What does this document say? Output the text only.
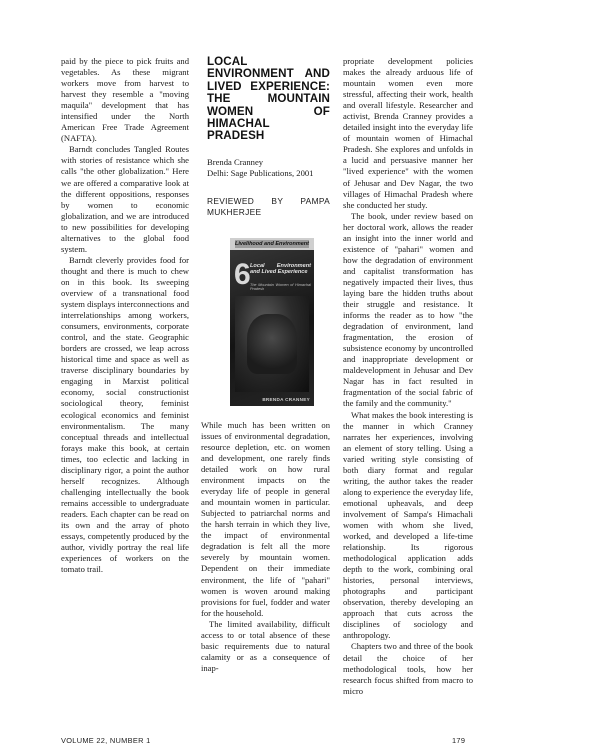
paid by the piece to pick fruits and vegetables. As these migrant workers move from harvest to harvest they resemble a "moving maquila" development that has intensified under the North American Free Trade Agreement (NAFTA).

Barndt concludes Tangled Routes with stories of resistance which she calls "the other globalization." Here we are offered a comparative look at the different oppositions, responses by women to economic globalization, and we are introduced to new possibilities for developing alternatives to the global food system.

Barndt cleverly provides food for thought and there is much to chew on in this book. Its sweeping overview of a transnational food system displays interconnections and interrelationships among workers, consumers, environments, corporate control, and the state. Geographic borders are crossed, we leap across historical time and space as well as traverse disciplinary boundaries by engaging in Marxist political economy, social constructionist sociological theory, feminist ecological economics and feminist environmentalism. The many conceptual threads and intellectual forays make this book, at certain times, too eclectic and lacking in disciplinary rigor, a point the author herself recognizes. Although challenging intellectually the book remains accessible to undergraduate readers. Each chapter can be read on its own and the array of photo essays, competently produced by the author, vividly portray the real life experiences of workers on the tomato trail.

LOCAL ENVIRONMENT AND LIVED EXPERIENCE: THE MOUNTAIN WOMEN OF HIMACHAL PRADESH
Brenda Cranney
Delhi: Sage Publications, 2001
REVIEWED BY PAMPA MUKHERJEE
Livelihood and Environment
6 Local Environment and Lived Experience
The Mountain Women of Himachal Pradesh
BRENDA CRANNEY

While much has been written on issues of environmental degradation, resource depletion, etc. on women and development, one rarely finds detailed work on how rural environment impacts on the everyday life of people in general and mountain women in particular. Subjected to patriarchal norms and the harsh terrain in which they live, the impact of environmental degradation is felt all the more severely by mountain women. Dependent on their immediate environment, the life of "pahari" women is woven around making provisions for fuel, fodder and water for the household.

The limited availability, difficult access to or total absence of these basic requirements due to natural calamity or as a consequence of inap-

propriate development policies makes the already arduous life of mountain women even more stressful, affecting their work, health and overall lifestyle. Researcher and activist, Brenda Cranney provides a detailed insight into the everyday life of mountain women of Himachal Pradesh. She explores and unfolds in a lucid and persuasive manner her "lived experience" with the women of Jehusar and Dev Nagar, the two villages of Himachal Pradesh where she conducted her study.

The book, under review based on her doctoral work, allows the reader an insight into the inner world and existence of "pahari" women and how the degradation of environment and capitalist transformation has negatively impacted their lives, thus laying bare the hidden truths about their struggle and resistance. It informs the reader as to how "the degradation of environment, land fragmentation, the erosion of subsistence economy by uncontrolled and inappropriate development or maldevelopment in Jehusar and Dev Nagar has in fact resulted in fragmentation of the social fabric of the family and the community."

What makes the book interesting is the manner in which Cranney narrates her experiences, involving an element of story telling. Using a varied writing style consisting of both diary format and regular writing, the author takes the reader along to experience the everyday life, emotional upheavals, and deep involvement of Sampa's Himachali women with whom she lived, worked, and developed a life-time relationship. Its rigorous methodological application adds depth to the work, combining oral histories, personal interviews, photographs and participant observation, thereby developing an approach that cuts across the disciplines of sociology and anthropology.

Chapters two and three of the book detail the choice of her methodological tools, how her research focus shifted from macro to micro

VOLUME 22, NUMBER 1	179
